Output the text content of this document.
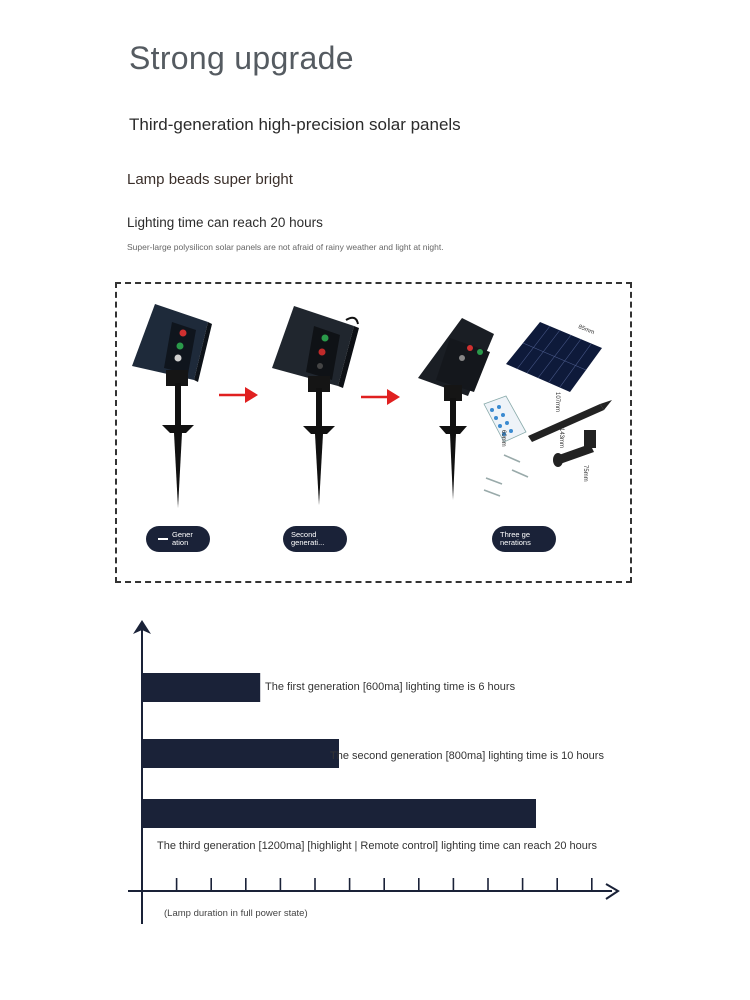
Strong upgrade
Third-generation high-precision solar panels
Lamp beads super bright
Lighting time can reach 20 hours
Super-large polysilicon solar panels are not afraid of rainy weather and light at night.
85mm
107mm
60mm	143mm
75mm
Gener ation
Second generati...
Three ge nerations
The first generation [600ma] lighting time is 6 hours
The second generation [800ma] lighting time is 10 hours
The third generation [1200ma] [highlight | Remote control] lighting time can reach 20 hours
(Lamp duration in full power state)
